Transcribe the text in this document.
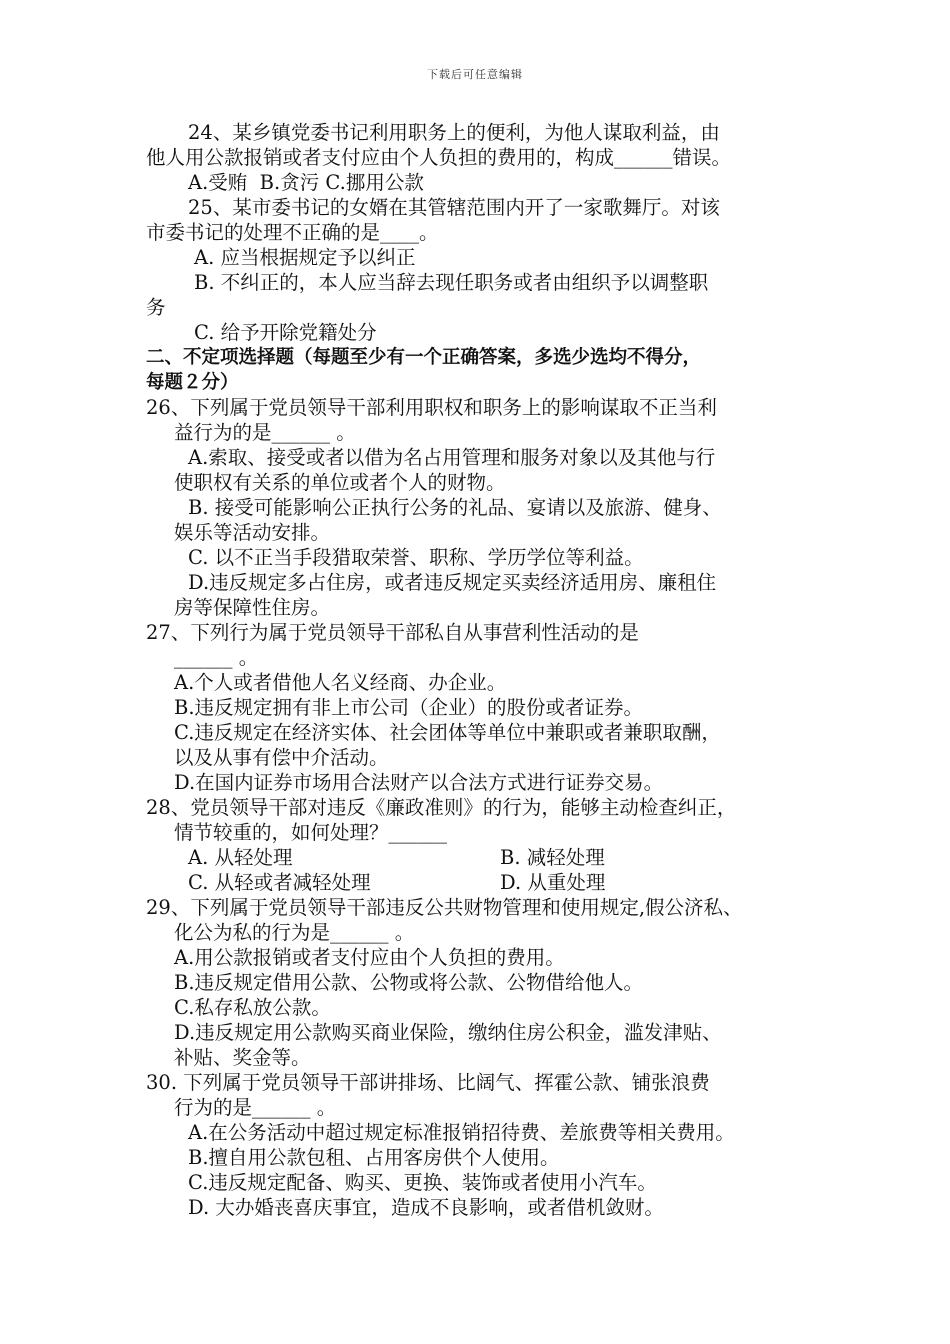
下载后可任意编辑
24、某乡镇党委书记利用职务上的便利，为他人谋取利益，由
他人用公款报销或者支付应由个人负担的费用的，构成______错误。
A.受贿  B.贪污 C.挪用公款
25、某市委书记的女婿在其管辖范围内开了一家歌舞厅。对该
市委书记的处理不正确的是____。
A. 应当根据规定予以纠正
B. 不纠正的，本人应当辞去现任职务或者由组织予以调整职
务
C. 给予开除党籍处分
二、不定项选择题（每题至少有一个正确答案，多选少选均不得分，
每题２分）
26、下列属于党员领导干部利用职权和职务上的影响谋取不正当利
益行为的是______ 。
A.索取、接受或者以借为名占用管理和服务对象以及其他与行
使职权有关系的单位或者个人的财物。
B. 接受可能影响公正执行公务的礼品、宴请以及旅游、健身、
娱乐等活动安排。
C. 以不正当手段猎取荣誉、职称、学历学位等利益。
D.违反规定多占住房，或者违反规定买卖经济适用房、廉租住
房等保障性住房。
27、下列行为属于党员领导干部私自从事营利性活动的是
______ 。
A.个人或者借他人名义经商、办企业。
B.违反规定拥有非上市公司（企业）的股份或者证券。
C.违反规定在经济实体、社会团体等单位中兼职或者兼职取酬，
以及从事有偿中介活动。
D.在国内证券市场用合法财产以合法方式进行证券交易。
28、党员领导干部对违反《廉政准则》的行为，能够主动检查纠正，
情节较重的，如何处理？______
A. 从轻处理	B. 减轻处理
C. 从轻或者减轻处理	D. 从重处理
29、下列属于党员领导干部违反公共财物管理和使用规定,假公济私、
化公为私的行为是______ 。
A.用公款报销或者支付应由个人负担的费用。
B.违反规定借用公款、公物或将公款、公物借给他人。
C.私存私放公款。
D.违反规定用公款购买商业保险，缴纳住房公积金，滥发津贴、
补贴、奖金等。
30. 下列属于党员领导干部讲排场、比阔气、挥霍公款、铺张浪费
行为的是______ 。
A.在公务活动中超过规定标准报销招待费、差旅费等相关费用。
B.擅自用公款包租、占用客房供个人使用。
C.违反规定配备、购买、更换、装饰或者使用小汽车。
D. 大办婚丧喜庆事宜，造成不良影响，或者借机敛财。
